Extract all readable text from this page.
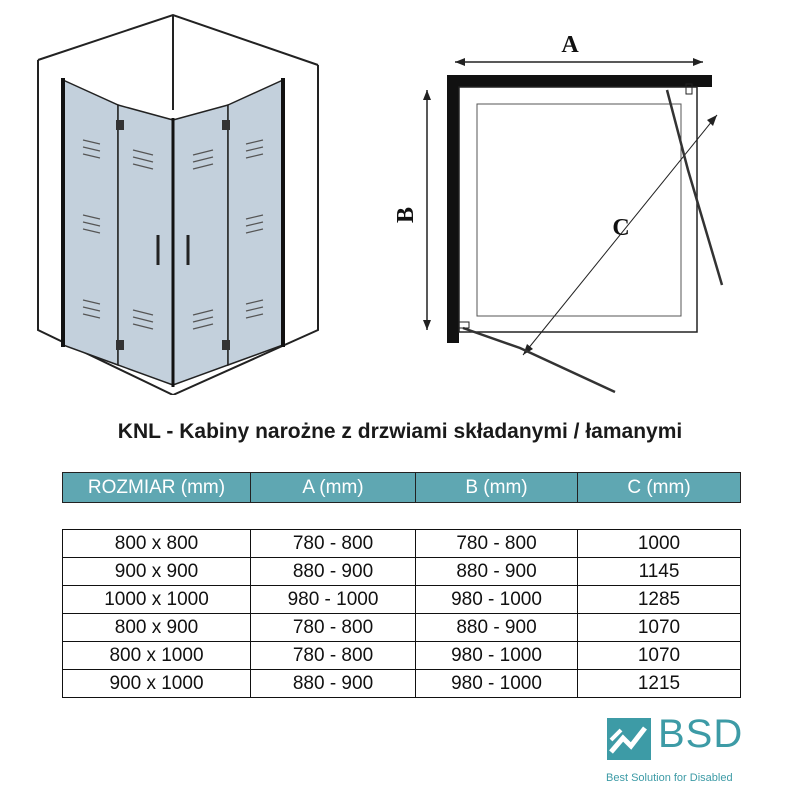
A
B	C
KNL - Kabiny narożne z drzwiami składanymi / łamanymi
ROZMIAR (mm)	A (mm)	B (mm)	C (mm)
800 x 800	780 - 800	780 - 800	1000
900 x 900	880 - 900	880 - 900	1145
1000 x 1000	980 - 1000	980 - 1000	1285
800 x 900	780 - 800	880 - 900	1070
800 x 1000	780 - 800	980 - 1000	1070
900 x 1000	880 - 900	980 - 1000	1215
BSD
Best Solution for Disabled
